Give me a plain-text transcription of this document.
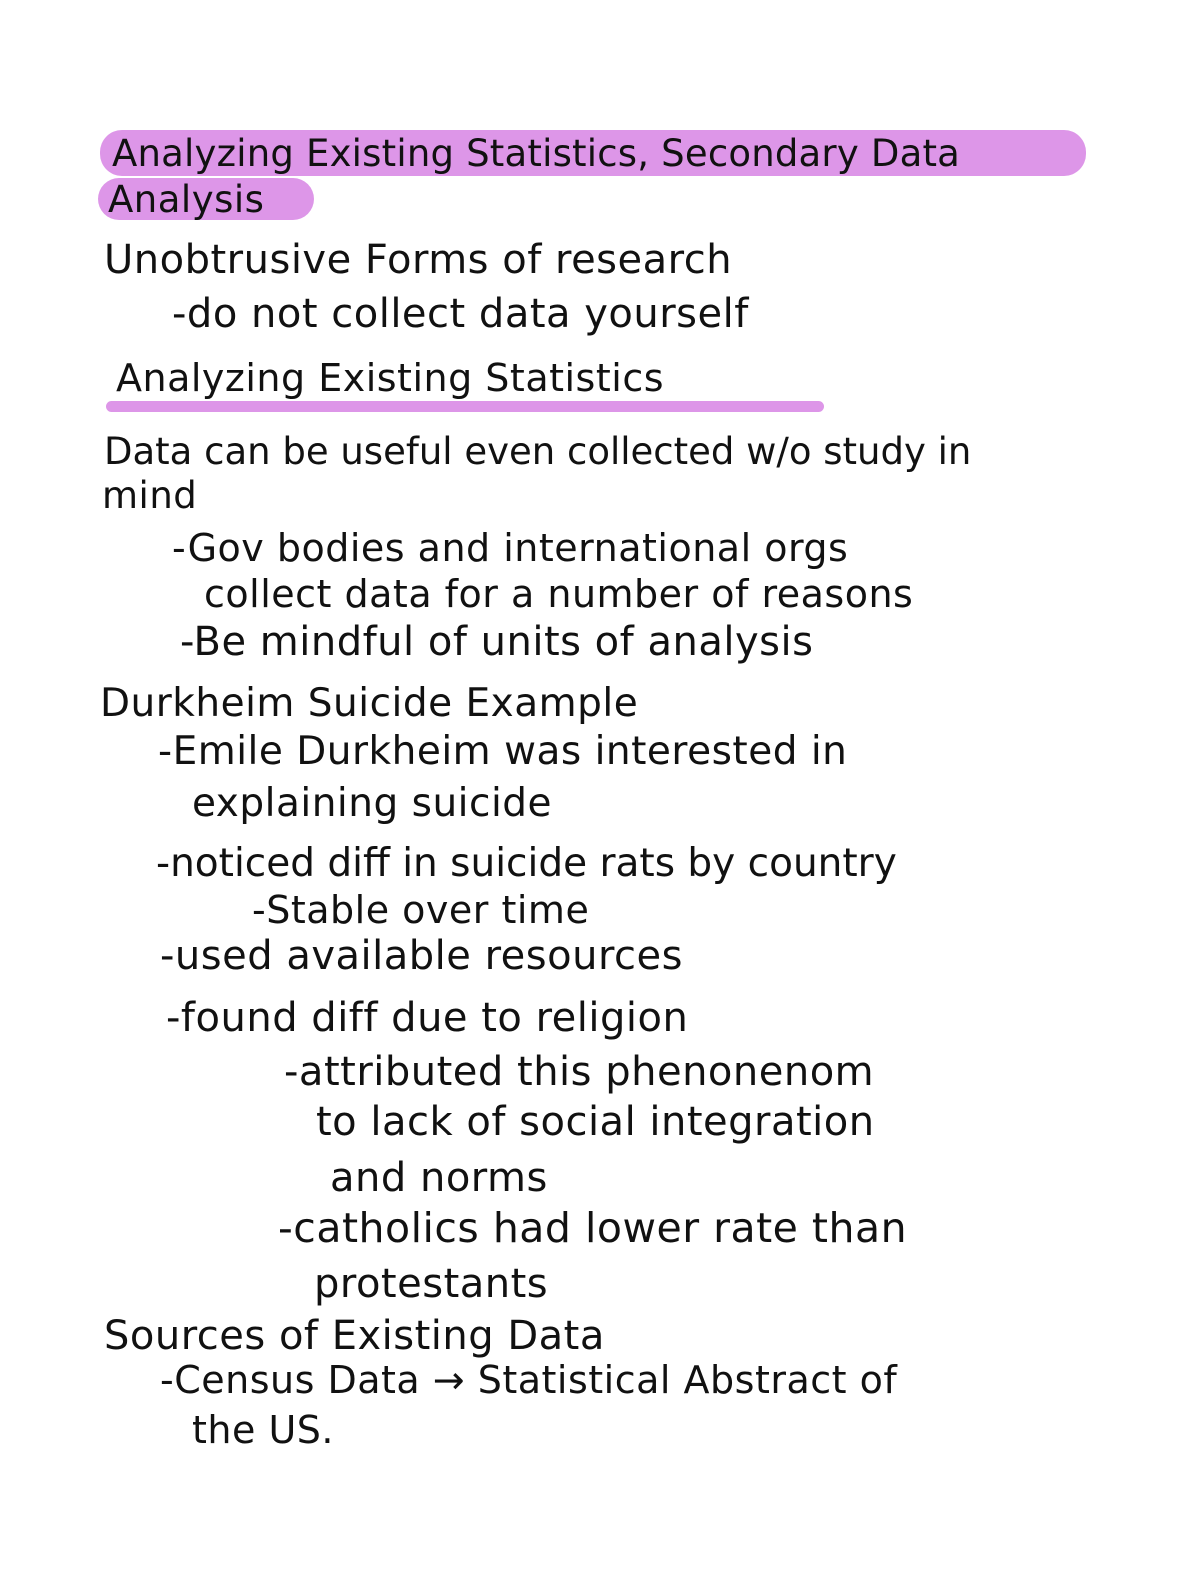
Analyzing Existing Statistics, Secondary Data
Analysis
Unobtrusive Forms of research
-do not collect data yourself
Analyzing Existing Statistics
Data can be useful even collected w/o study in
mind
-Gov bodies and international orgs
collect data for a number of reasons
-Be mindful of units of analysis
Durkheim Suicide Example
-Emile Durkheim was interested in
explaining suicide
-noticed diff in suicide rats by country
-Stable over time
-used available resources
-found diff due to religion
-attributed this phenonenom
to lack of social integration
and norms
-catholics had lower rate than
protestants
Sources of Existing Data
-Census Data → Statistical Abstract of
the US.
